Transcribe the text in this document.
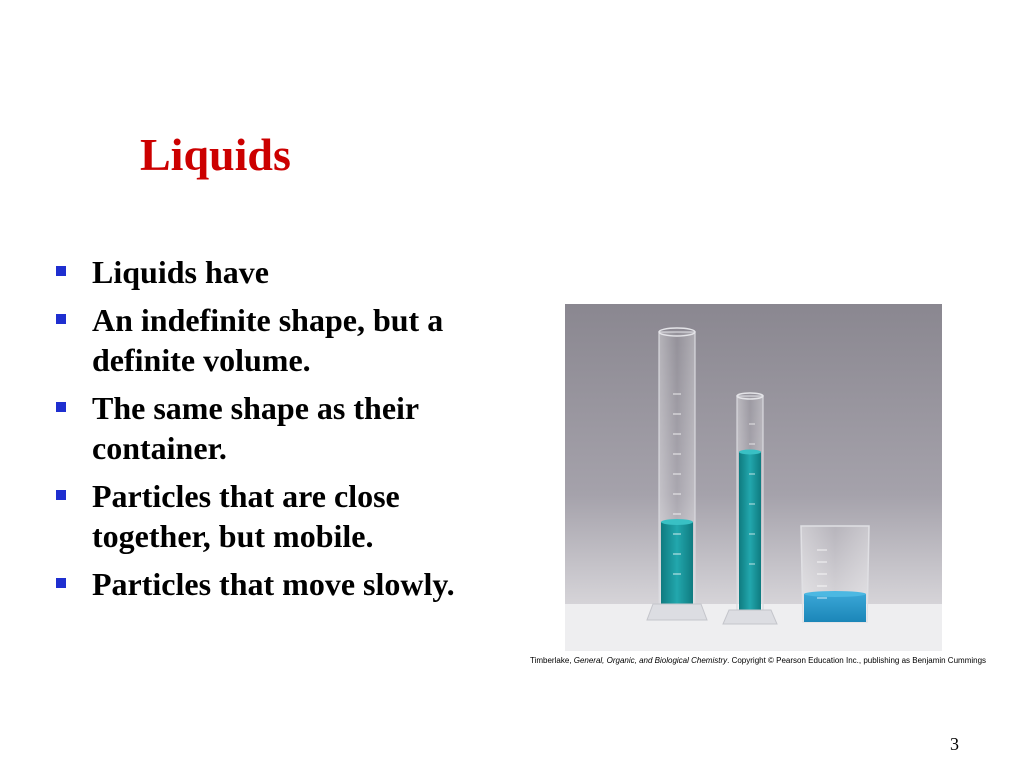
Liquids
Liquids have
An indefinite shape, but a definite volume.
The same shape as their container.
Particles that are close together, but mobile.
Particles that move slowly.
Timberlake, General, Organic, and Biological Chemistry. Copyright © Pearson Education Inc., publishing as Benjamin Cummings
3
